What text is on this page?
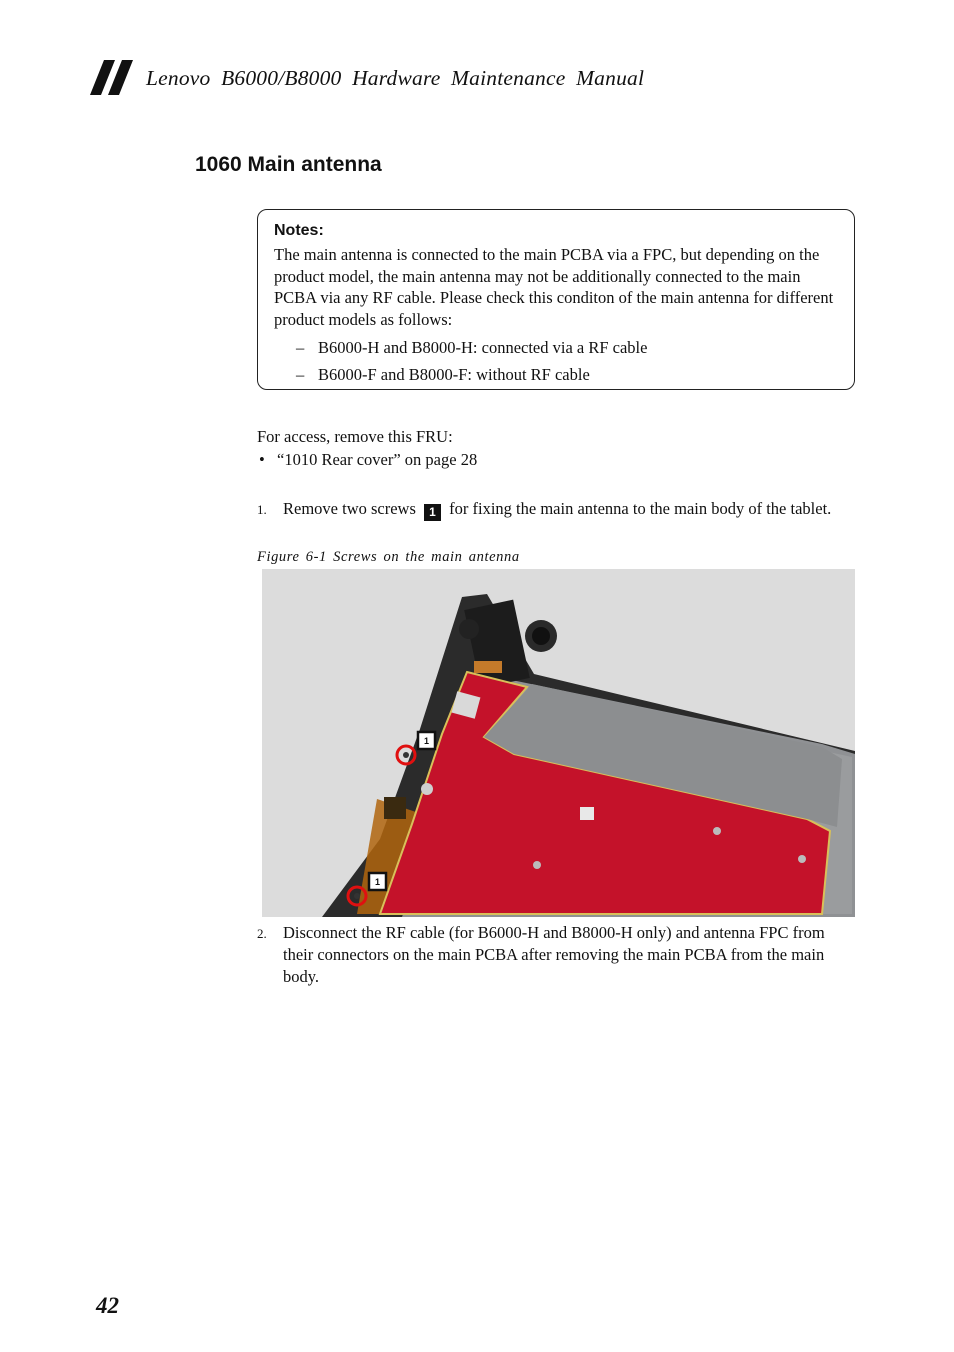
Lenovo B6000/B8000 Hardware Maintenance Manual
1060 Main antenna
Notes:
The main antenna is connected to the main PCBA via a FPC, but depending on the product model, the main antenna may not be additionally connected to the main PCBA via any RF cable. Please check this conditon of the main antenna for different product models as follows:
– B6000-H and B8000-H: connected via a RF cable
– B6000-F and B8000-F: without RF cable
For access, remove this FRU:
• “1010 Rear cover” on page 28
1. Remove two screws 1 for fixing the main antenna to the main body of the tablet.
Figure 6-1 Screws on the main antenna
1
1
2. Disconnect the RF cable (for B6000-H and B8000-H only) and antenna FPC from their connectors on the main PCBA after removing the main PCBA from the main body.
42
